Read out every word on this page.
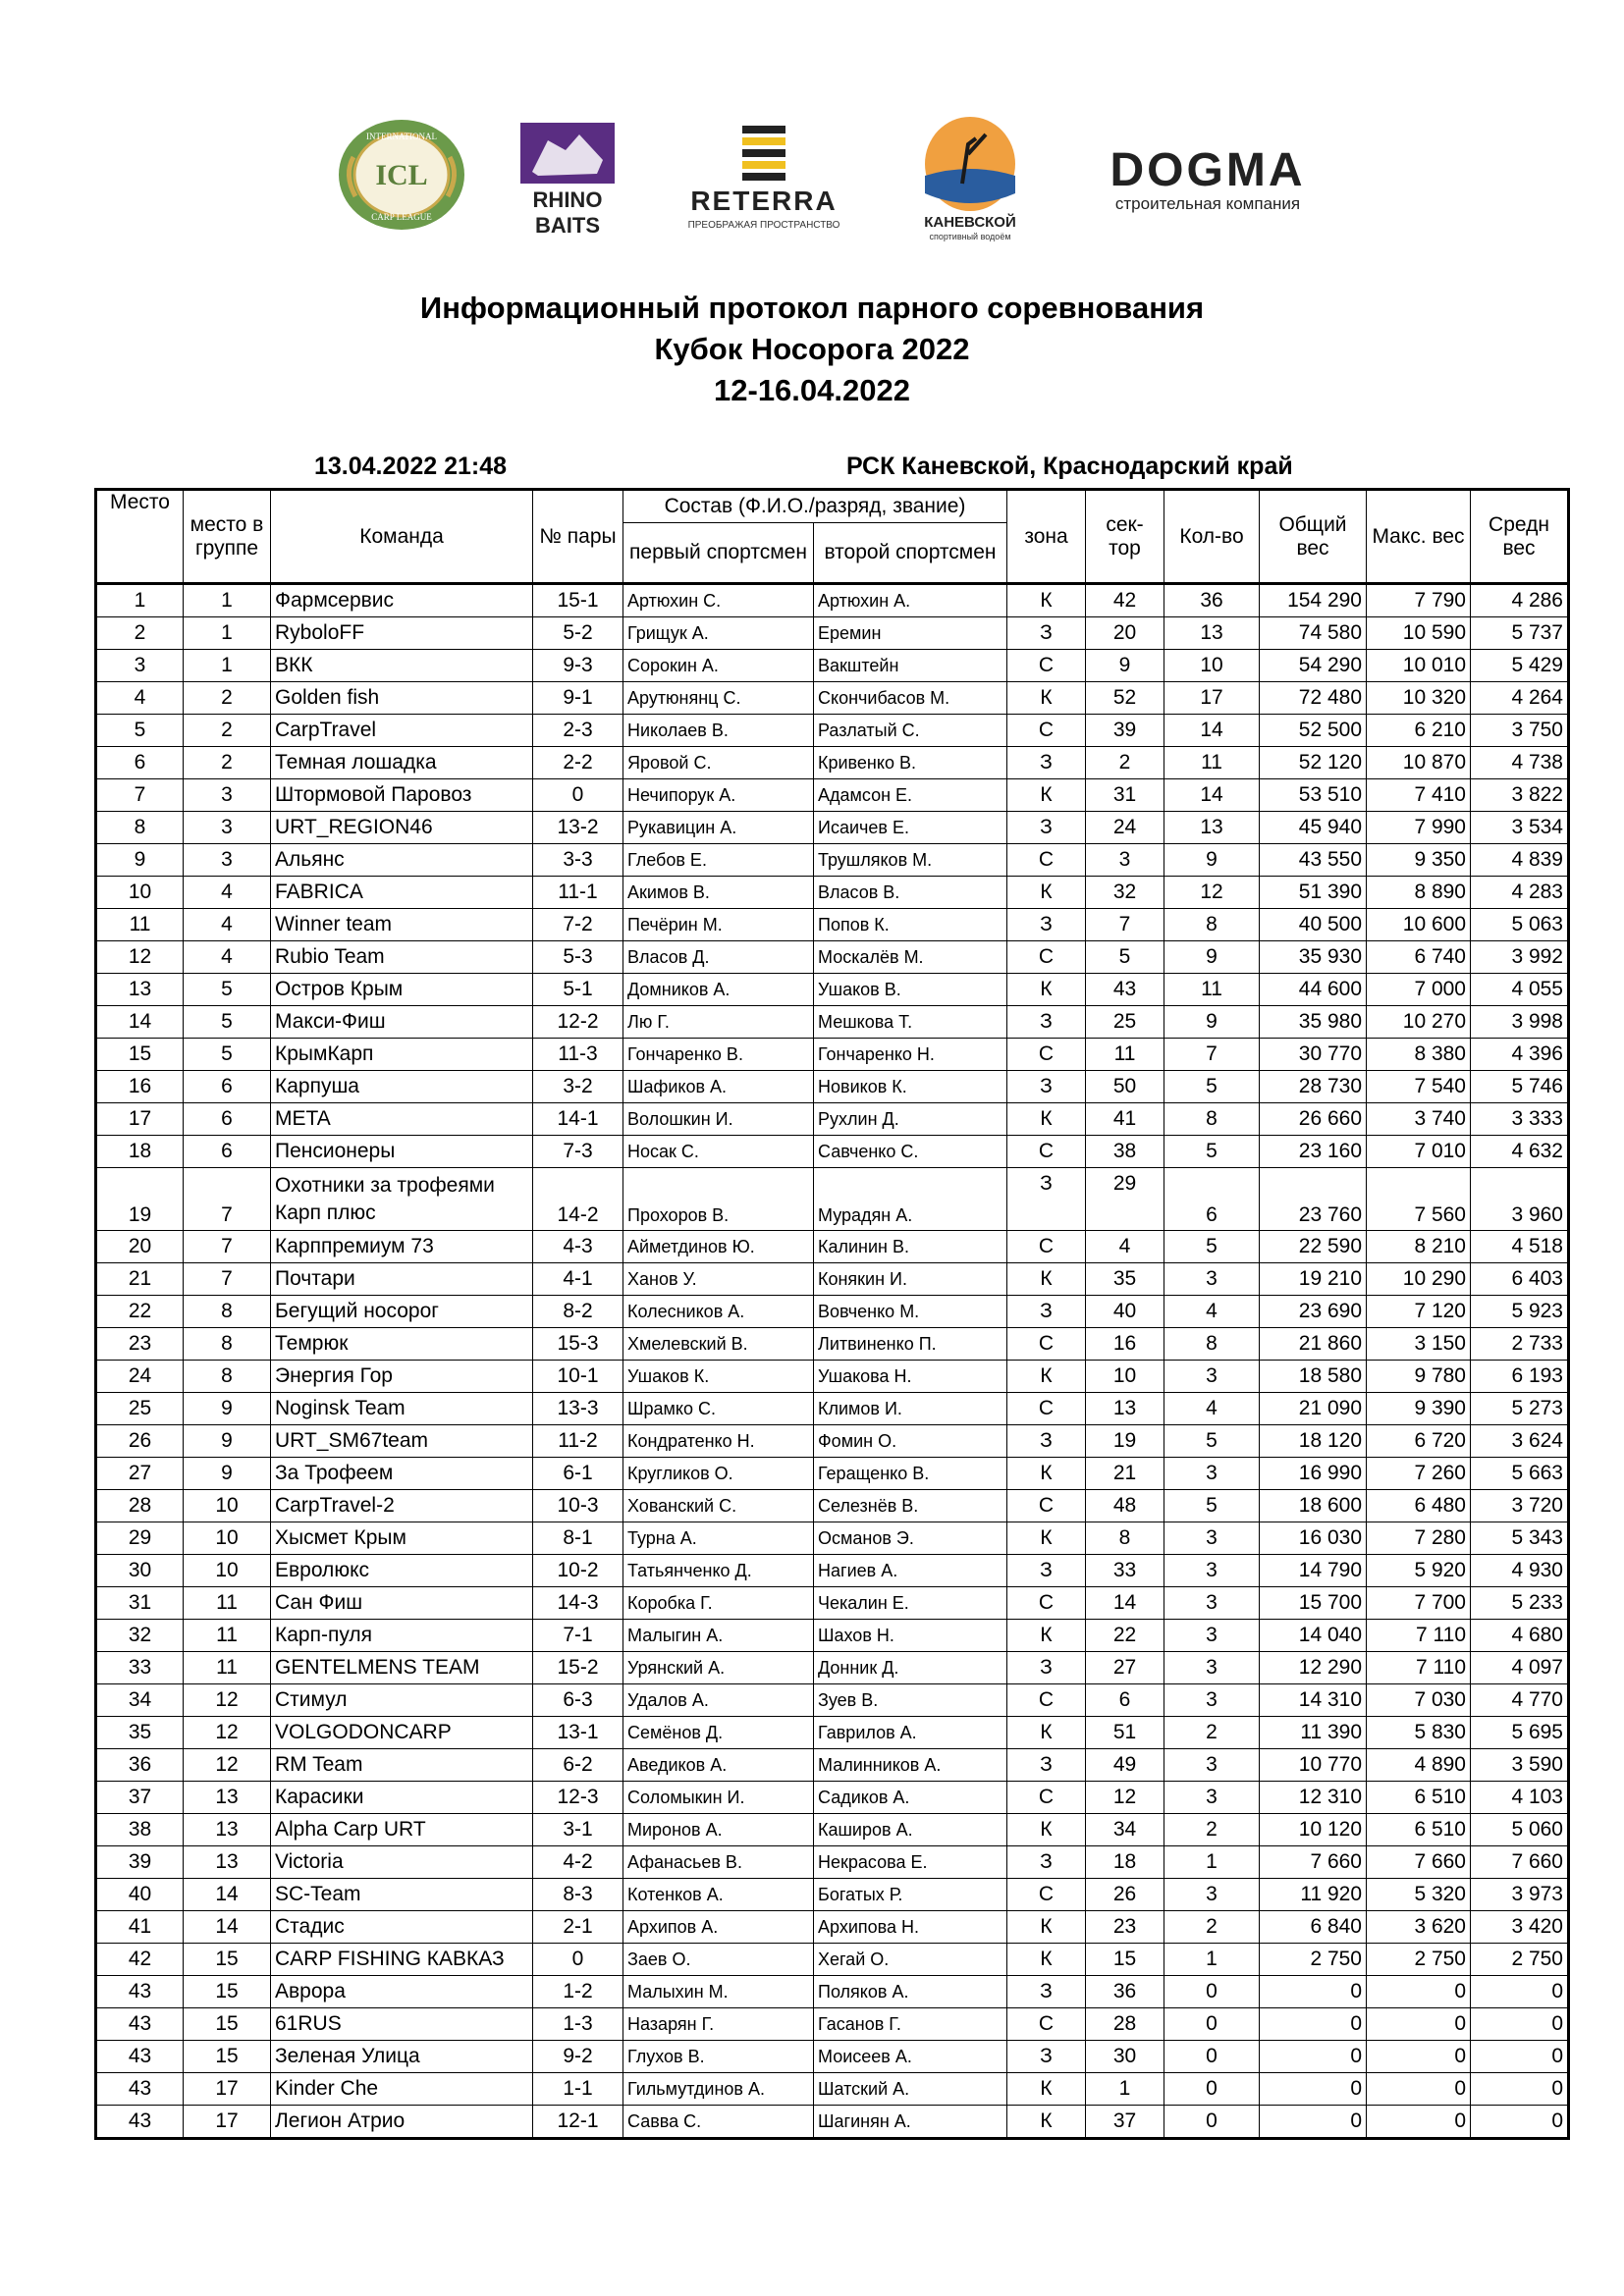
INTERNATIONAL
ICL
CARP LEAGUE
RHINO
BAITS
RETERRA
ПРЕОБРАЖАЯ ПРОСТРАНСТВО	КАНЕВСКОЙ
спортивный водоём
DOGMA
строительная компания
Информационный протокол парного соревнования
Кубок Носорога 2022
12-16.04.2022
13.04.2022 21:48	РСК Каневской, Краснодарский край
Место	место в группе	Команда	№ пары	Состав (Ф.И.О./разряд, звание)		зона	сек-тор	Кол-во	Общий вес	Макс. вес	Средн вес
				первый спортсмен	второй спортсмен						
1	1	Фармсервис	15-1	Артюхин С.	Артюхин А.	К	42	36	154 290	7 790	4 286
2	1	RyboloFF	5-2	Грищук А.	Еремин	З	20	13	74 580	10 590	5 737
3	1	ВКК	9-3	Сорокин А.	Вакштейн	С	9	10	54 290	10 010	5 429
4	2	Golden fish	9-1	Арутюнянц С.	Скончибасов М.	К	52	17	72 480	10 320	4 264
5	2	CarpTravel	2-3	Николаев В.	Разлатый С.	С	39	14	52 500	6 210	3 750
6	2	Темная лошадка	2-2	Яровой С.	Кривенко В.	З	2	11	52 120	10 870	4 738
7	3	Штормовой Паровоз	0	Нечипорук А.	Адамсон Е.	К	31	14	53 510	7 410	3 822
8	3	URT_REGION46	13-2	Рукавицин А.	Исаичев Е.	З	24	13	45 940	7 990	3 534
9	3	Альянс	3-3	Глебов Е.	Трушляков М.	С	3	9	43 550	9 350	4 839
10	4	FABRICA	11-1	Акимов В.	Власов В.	К	32	12	51 390	8 890	4 283
11	4	Winner team	7-2	Печёрин М.	Попов К.	З	7	8	40 500	10 600	5 063
12	4	Rubio Team	5-3	Власов Д.	Москалёв М.	С	5	9	35 930	6 740	3 992
13	5	Остров Крым	5-1	Домников А.	Ушаков В.	К	43	11	44 600	7 000	4 055
14	5	Макси-Фиш	12-2	Лю Г.	Мешкова Т.	З	25	9	35 980	10 270	3 998
15	5	КрымКарп	11-3	Гончаренко В.	Гончаренко Н.	С	11	7	30 770	8 380	4 396
16	6	Карпуша	3-2	Шафиков А.	Новиков К.	З	50	5	28 730	7 540	5 746
17	6	META	14-1	Волошкин И.	Рухлин Д.	К	41	8	26 660	3 740	3 333
18	6	Пенсионеры	7-3	Носак С.	Савченко С.	С	38	5	23 160	7 010	4 632
19	7	Охотники за трофеями Карп плюс	14-2	Прохоров В.	Мурадян А.	З	29	6	23 760	7 560	3 960
20	7	Карппремиум 73	4-3	Айметдинов Ю.	Калинин В.	С	4	5	22 590	8 210	4 518
21	7	Почтари	4-1	Ханов У.	Конякин И.	К	35	3	19 210	10 290	6 403
22	8	Бегущий носорог	8-2	Колесников А.	Вовченко М.	З	40	4	23 690	7 120	5 923
23	8	Темрюк	15-3	Хмелевский В.	Литвиненко П.	С	16	8	21 860	3 150	2 733
24	8	Энергия Гор	10-1	Ушаков К.	Ушакова Н.	К	10	3	18 580	9 780	6 193
25	9	Noginsk Team	13-3	Шрамко С.	Климов И.	С	13	4	21 090	9 390	5 273
26	9	URT_SM67team	11-2	Кондратенко Н.	Фомин О.	З	19	5	18 120	6 720	3 624
27	9	За Трофеем	6-1	Кругликов О.	Геращенко В.	К	21	3	16 990	7 260	5 663
28	10	CarpTravel-2	10-3	Хованский С.	Селезнёв В.	С	48	5	18 600	6 480	3 720
29	10	Хысмет Крым	8-1	Турна А.	Османов Э.	К	8	3	16 030	7 280	5 343
30	10	Евролюкс	10-2	Татьянченко Д.	Нагиев А.	З	33	3	14 790	5 920	4 930
31	11	Сан Фиш	14-3	Коробка Г.	Чекалин Е.	С	14	3	15 700	7 700	5 233
32	11	Карп-пуля	7-1	Малыгин А.	Шахов Н.	К	22	3	14 040	7 110	4 680
33	11	GENTELMENS TEAM	15-2	Урянский А.	Донник Д.	З	27	3	12 290	7 110	4 097
34	12	Стимул	6-3	Удалов А.	Зуев В.	С	6	3	14 310	7 030	4 770
35	12	VOLGODONCARP	13-1	Семёнов Д.	Гаврилов А.	К	51	2	11 390	5 830	5 695
36	12	RM Team	6-2	Аведиков А.	Малинников А.	З	49	3	10 770	4 890	3 590
37	13	Карасики	12-3	Соломыкин И.	Садиков А.	С	12	3	12 310	6 510	4 103
38	13	Alpha Carp URT	3-1	Миронов А.	Каширов А.	К	34	2	10 120	6 510	5 060
39	13	Victoria	4-2	Афанасьев В.	Некрасова Е.	З	18	1	7 660	7 660	7 660
40	14	SC-Team	8-3	Котенков А.	Богатых Р.	С	26	3	11 920	5 320	3 973
41	14	Стадис	2-1	Архипов А.	Архипова Н.	К	23	2	6 840	3 620	3 420
42	15	CARP FISHING КАВКАЗ	0	Заев О.	Хегай О.	К	15	1	2 750	2 750	2 750
43	15	Аврора	1-2	Малыхин М.	Поляков А.	З	36	0	0	0	0
43	15	61RUS	1-3	Назарян Г.	Гасанов Г.	С	28	0	0	0	0
43	15	Зеленая Улица	9-2	Глухов В.	Моисеев А.	З	30	0	0	0	0
43	17	Kinder Che	1-1	Гильмутдинов А.	Шатский А.	К	1	0	0	0	0
43	17	Легион Атрио	12-1	Савва С.	Шагинян А.	К	37	0	0	0	0
